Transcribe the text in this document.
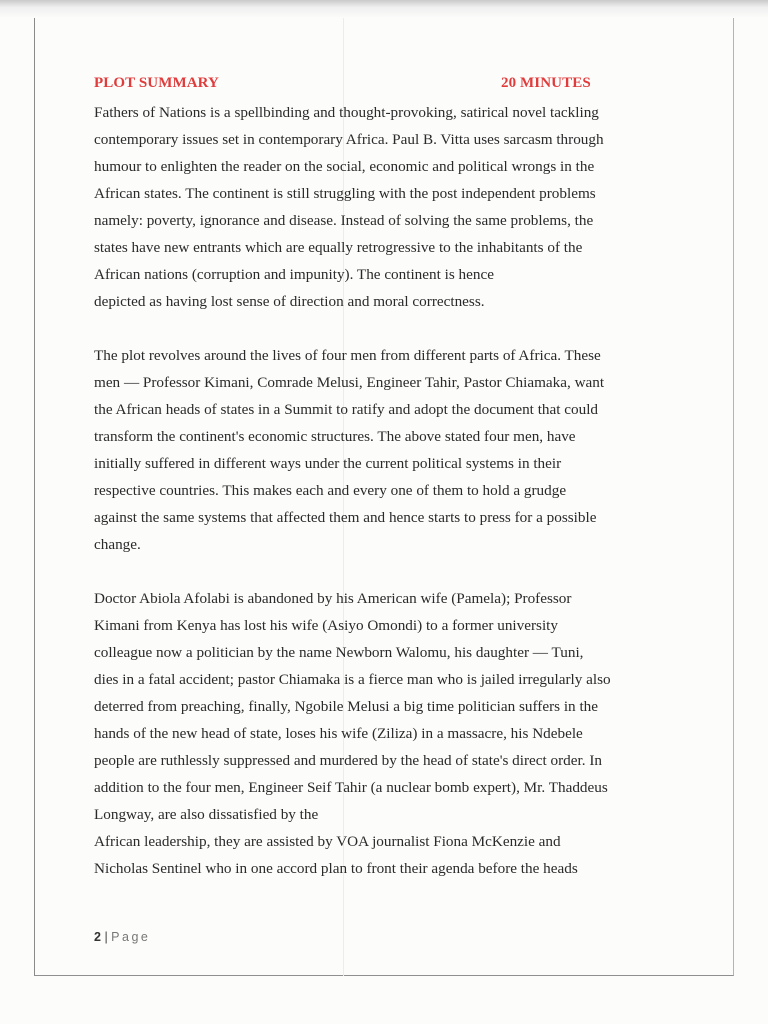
PLOT SUMMARY	20 MINUTES
Fathers of Nations is a spellbinding and thought-provoking, satirical novel tackling
contemporary issues set in contemporary Africa. Paul B. Vitta uses sarcasm through
humour to enlighten the reader on the social, economic and political wrongs in the
African states. The continent is still struggling with the post independent problems
namely: poverty, ignorance and disease. Instead of solving the same problems, the
states have new entrants which are equally retrogressive to the inhabitants of the
African nations (corruption and impunity). The continent is hence
depicted as having lost sense of direction and moral correctness.
The plot revolves around the lives of four men from different parts of Africa. These
men — Professor Kimani, Comrade Melusi, Engineer Tahir, Pastor Chiamaka, want
the African heads of states in a Summit to ratify and adopt the document that could
transform the continent's economic structures. The above stated four men, have
initially suffered in different ways under the current political systems in their
respective countries. This makes each and every one of them to hold a grudge
against the same systems that affected them and hence starts to press for a possible
change.
Doctor Abiola Afolabi is abandoned by his American wife (Pamela); Professor
Kimani from Kenya has lost his wife (Asiyo Omondi) to a former university
colleague now a politician by the name Newborn Walomu, his daughter — Tuni,
dies in a fatal accident; pastor Chiamaka is a fierce man who is jailed irregularly also
deterred from preaching, finally, Ngobile Melusi a big time politician suffers in the
hands of the new head of state, loses his wife (Ziliza) in a massacre, his Ndebele
people are ruthlessly suppressed and murdered by the head of state's direct order. In
addition to the four men, Engineer Seif Tahir (a nuclear bomb expert), Mr. Thaddeus
Longway, are also dissatisfied by the
African leadership, they are assisted by VOA journalist Fiona McKenzie and
Nicholas Sentinel who in one accord plan to front their agenda before the heads
2 | Page
